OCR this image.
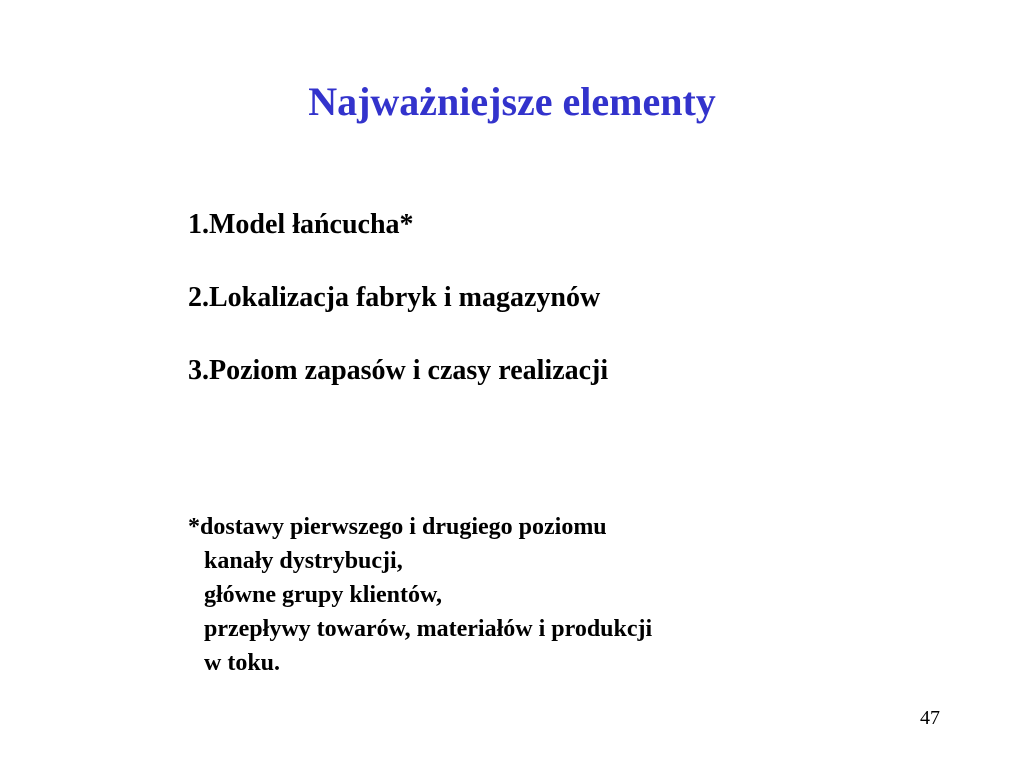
Najważniejsze elementy
1.Model łańcucha*
2.Lokalizacja fabryk i magazynów
3.Poziom zapasów i czasy realizacji

*dostawy pierwszego i drugiego poziomu
kanały dystrybucji,
główne grupy klientów,
przepływy towarów, materiałów i produkcji
w toku.

47
